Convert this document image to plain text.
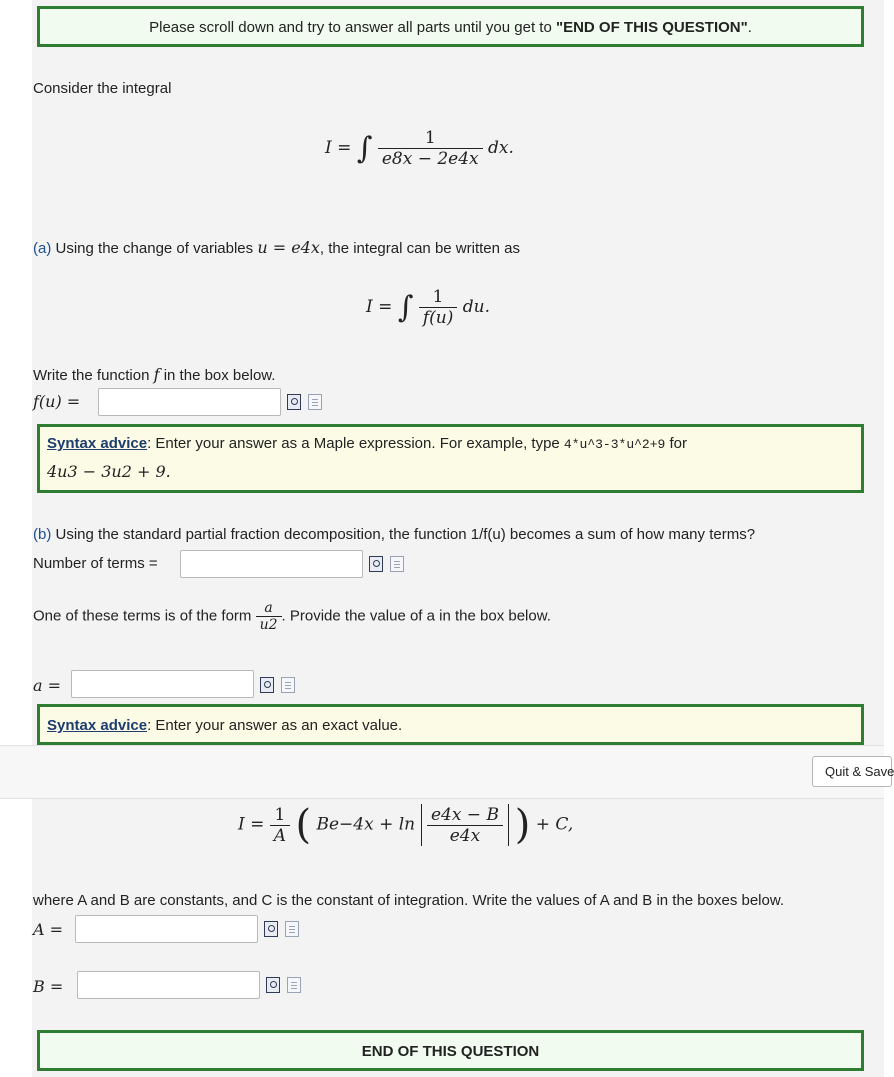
Please scroll down and try to answer all parts until you get to "END OF THIS QUESTION".
Consider the integral
I = ∫ $\frac{1}{e8x - 2e4x}$ dx.
(a) Using the change of variables u = e4x, the integral can be written as
I = ∫ $\frac{1}{f(u)}$ du.
Write the function f in the box below.
f(u) =
Syntax advice: Enter your answer as a Maple expression. For example, type 4*u^3-3*u^2+9 for
4u3 − 3u2 + 9.
(b) Using the standard partial fraction decomposition, the function 1/f(u) becomes a sum of how many terms?
Number of terms =
One of these terms is of the form $\frac{a}{u2}$ . Provide the value of a in the box below.
a =
Syntax advice: Enter your answer as an exact value.
Quit & Save
$I = \frac{1}{A}$ ( $Be-4x + \ln \frac{e4x - B}{e4x}$ ) + C,
where A and B are constants, and C is the constant of integration. Write the values of A and B in the boxes below.
A =
B =
END OF THIS QUESTION
